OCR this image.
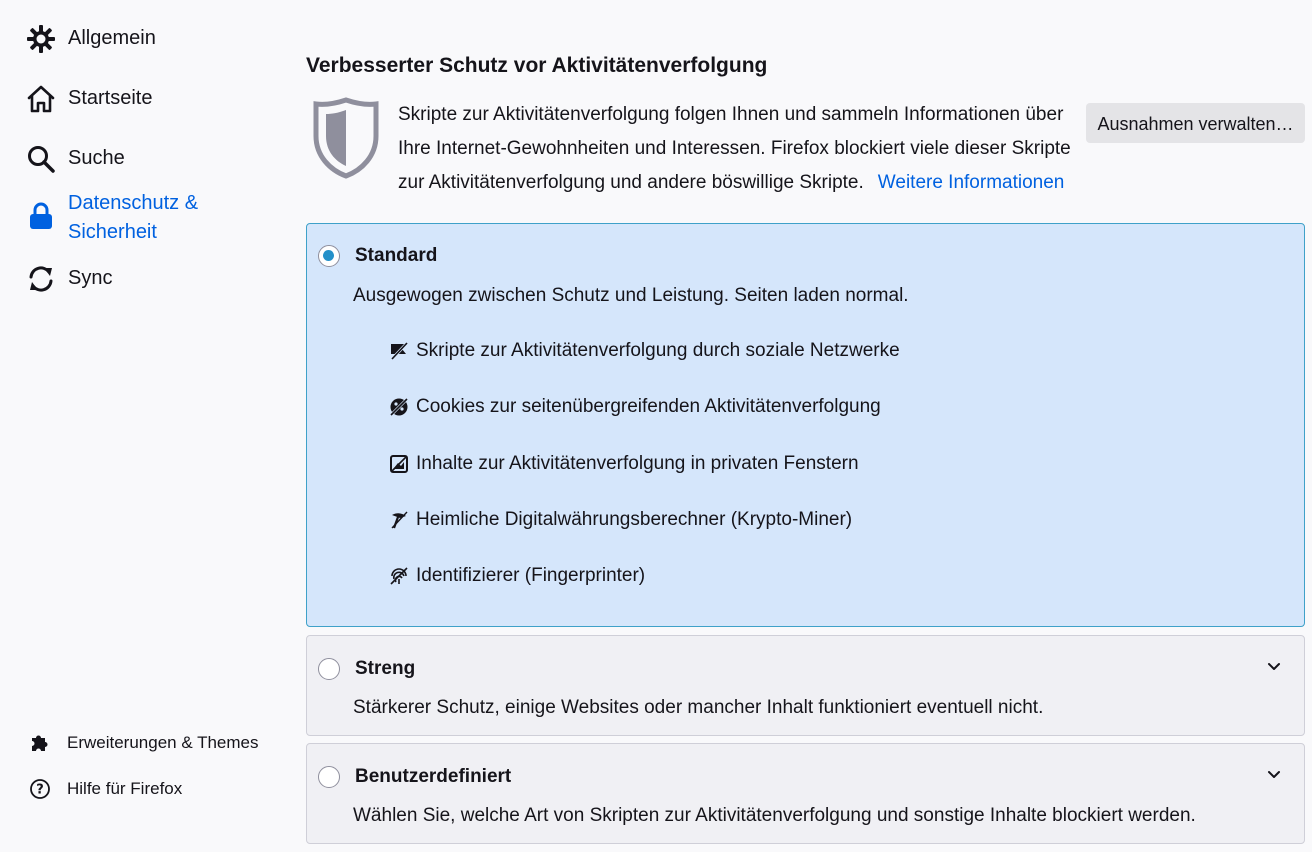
Allgemein
Startseite
Suche
Datenschutz & Sicherheit
Sync
Erweiterungen & Themes
? Hilfe für Firefox
Verbesserter Schutz vor Aktivitätenverfolgung
Skripte zur Aktivitätenverfolgung folgen Ihnen und sammeln Informationen über Ihre Internet-Gewohnheiten und Interessen. Firefox blockiert viele dieser Skripte zur Aktivitätenverfolgung und andere böswillige Skripte. Weitere Informationen
Ausnahmen verwalten…
Standard
Ausgewogen zwischen Schutz und Leistung. Seiten laden normal.
Skripte zur Aktivitätenverfolgung durch soziale Netzwerke
Cookies zur seitenübergreifenden Aktivitätenverfolgung
Inhalte zur Aktivitätenverfolgung in privaten Fenstern
Heimliche Digitalwährungsberechner (Krypto-Miner)
Identifizierer (Fingerprinter)
Streng
Stärkerer Schutz, einige Websites oder mancher Inhalt funktioniert eventuell nicht.
Benutzerdefiniert
Wählen Sie, welche Art von Skripten zur Aktivitätenverfolgung und sonstige Inhalte blockiert werden.
